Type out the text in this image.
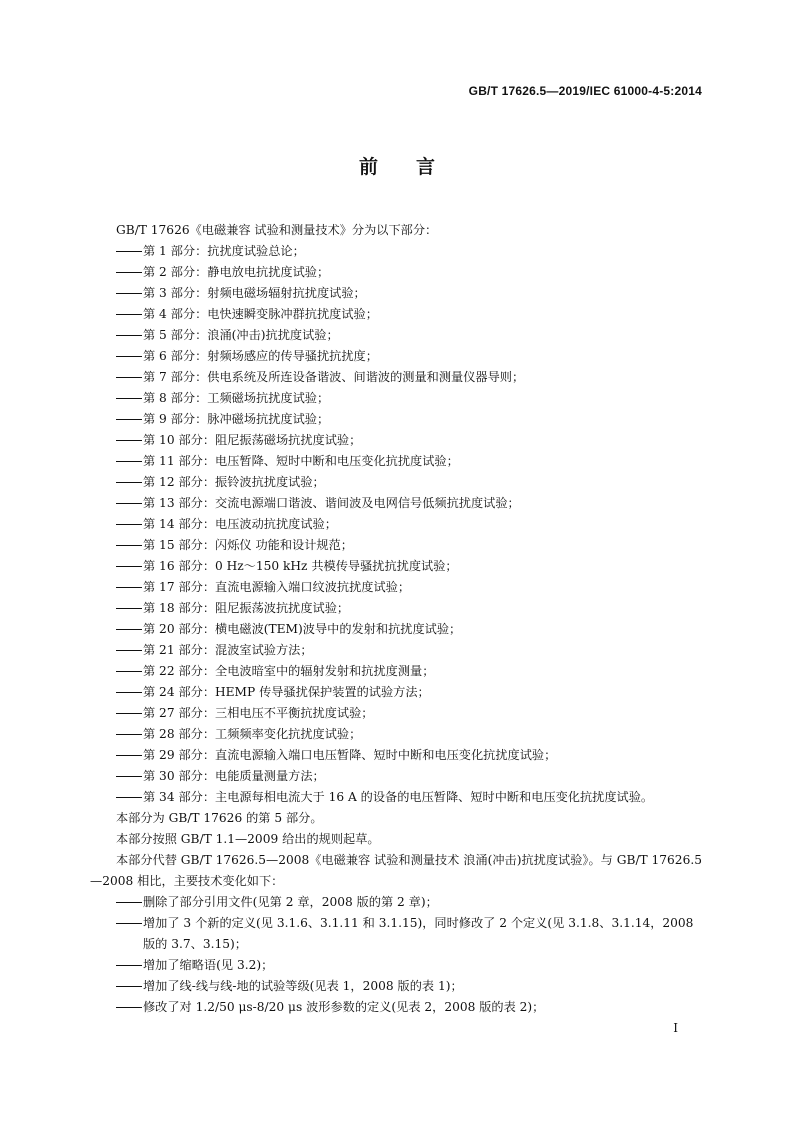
GB/T 17626.5—2019/IEC 61000-4-5:2014
前言
GB/T 17626《电磁兼容 试验和测量技术》分为以下部分：
第 1 部分：抗扰度试验总论；
第 2 部分：静电放电抗扰度试验；
第 3 部分：射频电磁场辐射抗扰度试验；
第 4 部分：电快速瞬变脉冲群抗扰度试验；
第 5 部分：浪涌(冲击)抗扰度试验；
第 6 部分：射频场感应的传导骚扰抗扰度；
第 7 部分：供电系统及所连设备谐波、间谐波的测量和测量仪器导则；
第 8 部分：工频磁场抗扰度试验；
第 9 部分：脉冲磁场抗扰度试验；
第 10 部分：阻尼振荡磁场抗扰度试验；
第 11 部分：电压暂降、短时中断和电压变化抗扰度试验；
第 12 部分：振铃波抗扰度试验；
第 13 部分：交流电源端口谐波、谐间波及电网信号低频抗扰度试验；
第 14 部分：电压波动抗扰度试验；
第 15 部分：闪烁仪 功能和设计规范；
第 16 部分：0 Hz～150 kHz 共模传导骚扰抗扰度试验；
第 17 部分：直流电源输入端口纹波抗扰度试验；
第 18 部分：阻尼振荡波抗扰度试验；
第 20 部分：横电磁波(TEM)波导中的发射和抗扰度试验；
第 21 部分：混波室试验方法；
第 22 部分：全电波暗室中的辐射发射和抗扰度测量；
第 24 部分：HEMP 传导骚扰保护装置的试验方法；
第 27 部分：三相电压不平衡抗扰度试验；
第 28 部分：工频频率变化抗扰度试验；
第 29 部分：直流电源输入端口电压暂降、短时中断和电压变化抗扰度试验；
第 30 部分：电能质量测量方法；
第 34 部分：主电源每相电流大于 16 A 的设备的电压暂降、短时中断和电压变化抗扰度试验。
本部分为 GB/T 17626 的第 5 部分。
本部分按照 GB/T 1.1—2009 给出的规则起草。
本部分代替 GB/T 17626.5—2008《电磁兼容 试验和测量技术 浪涌(冲击)抗扰度试验》。与 GB/T 17626.5—2008 相比，主要技术变化如下：
删除了部分引用文件(见第 2 章，2008 版的第 2 章)；
增加了 3 个新的定义(见 3.1.6、3.1.11 和 3.1.15)，同时修改了 2 个定义(见 3.1.8、3.1.14，2008 版的 3.7、3.15)；
增加了缩略语(见 3.2)；
增加了线-线与线-地的试验等级(见表 1，2008 版的表 1)；
修改了对 1.2/50 μs-8/20 μs 波形参数的定义(见表 2，2008 版的表 2)；
I
